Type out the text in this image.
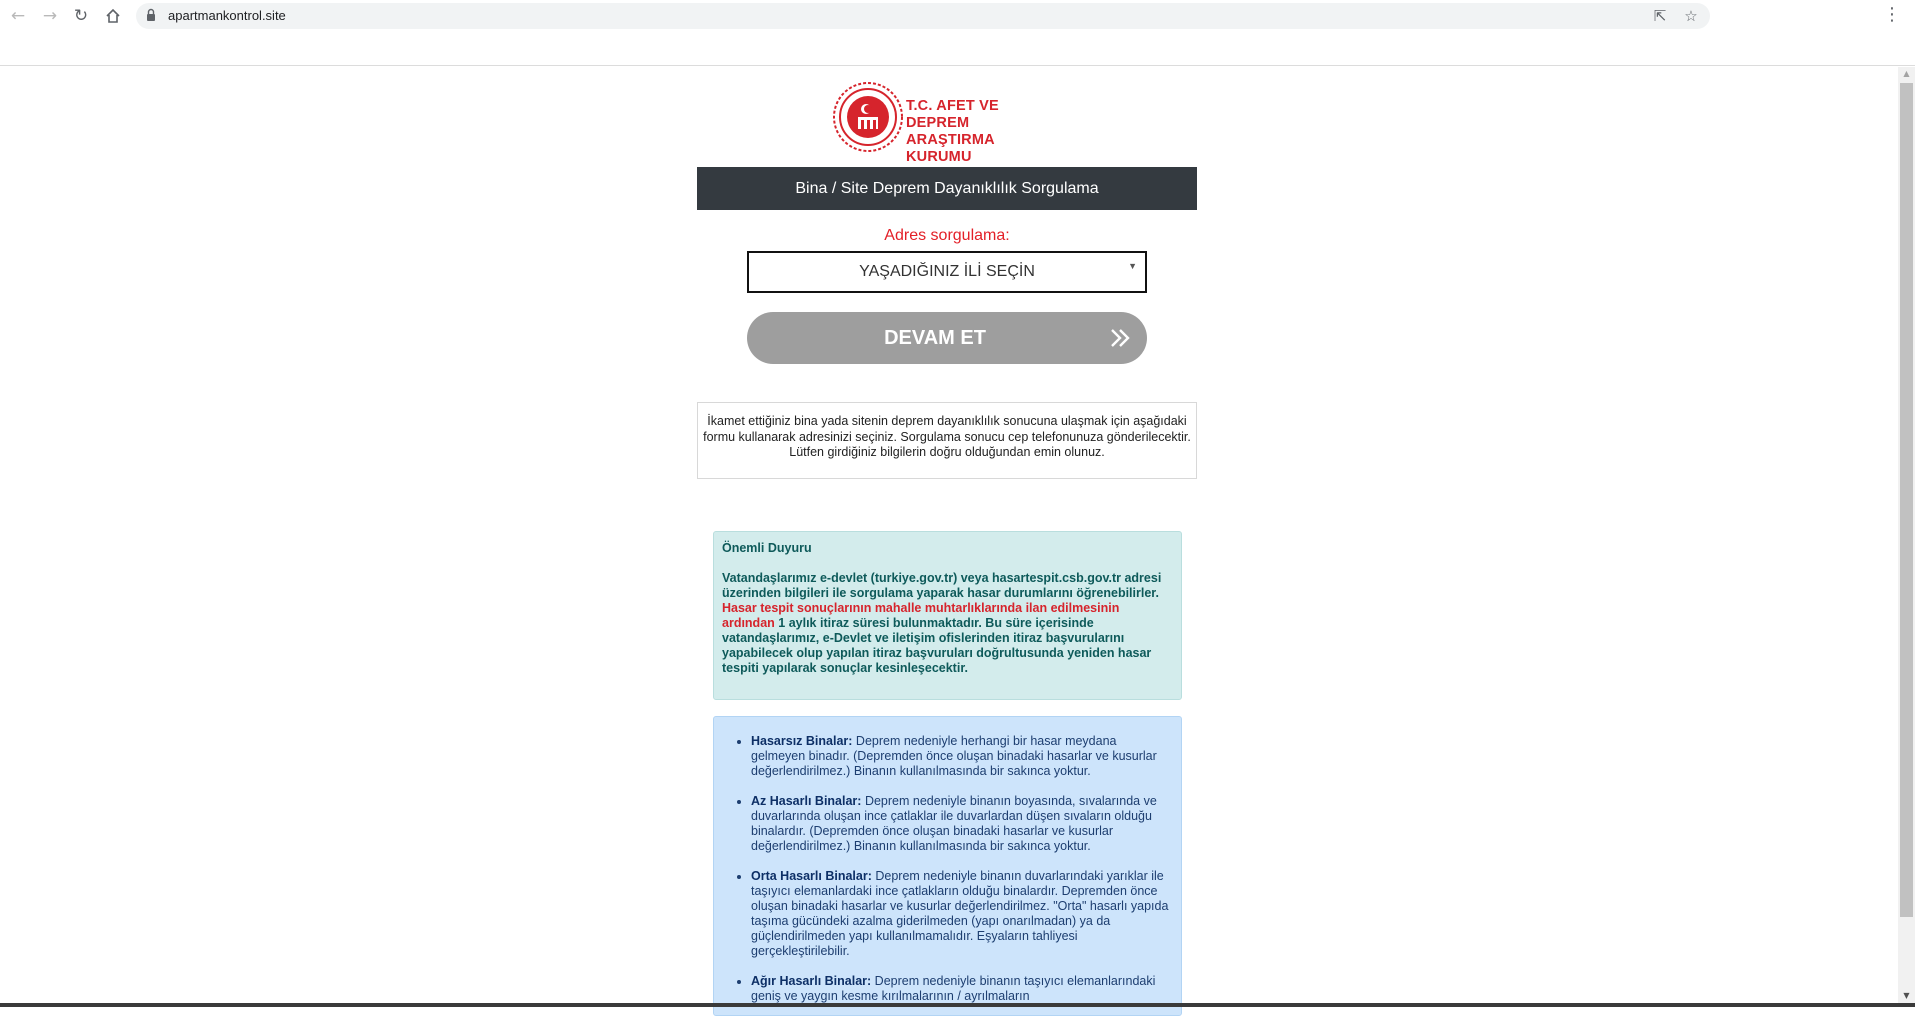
← → ↻	apartmankontrol.site	⇱ ☆	⋮
T.C. AFET VE DEPREM
ARAŞTIRMA KURUMU
Bina / Site Deprem Dayanıklılık Sorgulama
Adres sorgulama:
YAŞADIĞINIZ İLİ SEÇİN	▼
DEVAM ET
İkamet ettiğiniz bina yada sitenin deprem dayanıklılık sonucuna ulaşmak için aşağıdaki formu kullanarak adresinizi seçiniz. Sorgulama sonucu cep telefonunuza gönderilecektir.
Lütfen girdiğiniz bilgilerin doğru olduğundan emin olunuz.
Önemli Duyuru
Vatandaşlarımız e-devlet (turkiye.gov.tr) veya hasartespit.csb.gov.tr adresi üzerinden bilgileri ile sorgulama yaparak hasar durumlarını öğrenebilirler. Hasar tespit sonuçlarının mahalle muhtarlıklarında ilan edilmesinin ardından 1 aylık itiraz süresi bulunmaktadır. Bu süre içerisinde vatandaşlarımız, e-Devlet ve iletişim ofislerinden itiraz başvurularını yapabilecek olup yapılan itiraz başvuruları doğrultusunda yeniden hasar tespiti yapılarak sonuçlar kesinleşecektir.
• Hasarsız Binalar: Deprem nedeniyle herhangi bir hasar meydana gelmeyen binadır. (Depremden önce oluşan binadaki hasarlar ve kusurlar değerlendirilmez.) Binanın kullanılmasında bir sakınca yoktur.
• Az Hasarlı Binalar: Deprem nedeniyle binanın boyasında, sıvalarında ve duvarlarında oluşan ince çatlaklar ile duvarlardan düşen sıvaların olduğu binalardır. (Depremden önce oluşan binadaki hasarlar ve kusurlar değerlendirilmez.) Binanın kullanılmasında bir sakınca yoktur.
• Orta Hasarlı Binalar: Deprem nedeniyle binanın duvarlarındaki yarıklar ile taşıyıcı elemanlardaki ince çatlakların olduğu binalardır. Depremden önce oluşan binadaki hasarlar ve kusurlar değerlendirilmez. "Orta" hasarlı yapıda taşıma gücündeki azalma giderilmeden (yapı onarılmadan) ya da güçlendirilmeden yapı kullanılmamalıdır. Eşyaların tahliyesi gerçekleştirilebilir.
• Ağır Hasarlı Binalar: Deprem nedeniyle binanın taşıyıcı elemanlarındaki geniş ve yaygın kesme kırılmalarının / ayrılmaların
▲
▼
